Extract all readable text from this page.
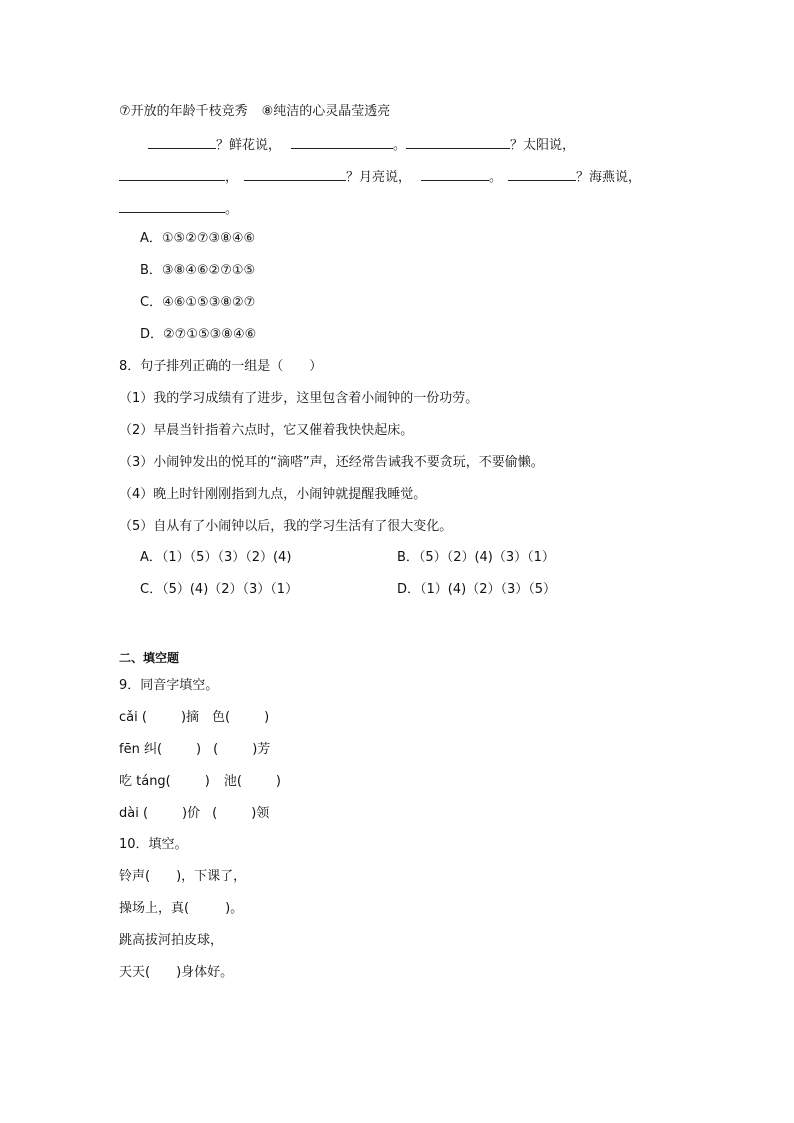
⑦开放的年龄千枝竞秀 ⑧纯洁的心灵晶莹透亮
？鲜花说，	。	？太阳说，
，	？月亮说，	。	？海燕说，
。
A．①⑤②⑦③⑧④⑥
B．③⑧④⑥②⑦①⑤
C．④⑥①⑤③⑧②⑦
D．②⑦①⑤③⑧④⑥
8．句子排列正确的一组是（　　）
（1）我的学习成绩有了进步，这里包含着小闹钟的一份功劳。
（2）早晨当针指着六点时，它又催着我快快起床。
（3）小闹钟发出的悦耳的“滴嗒”声，还经常告诫我不要贪玩，不要偷懒。
（4）晚上时针刚刚指到九点，小闹钟就提醒我睡觉。
（5）自从有了小闹钟以后，我的学习生活有了很大变化。
A．（1）（5）（3）（2）(4)	B．（5）（2）(4)（3）（1）
C．（5）(4)（2）（3）（1）	D．（1）(4)（2）（3）（5）
二、填空题
9．同音字填空。
cǎi (	)摘　色(	)
fēn 纠(	) (	)芳
吃 táng(	) 池(	)
dài (	)价 (	)领
10．填空。
铃声( )，下课了，
操场上，真(	)。
跳高拔河拍皮球，
天天( )身体好。
